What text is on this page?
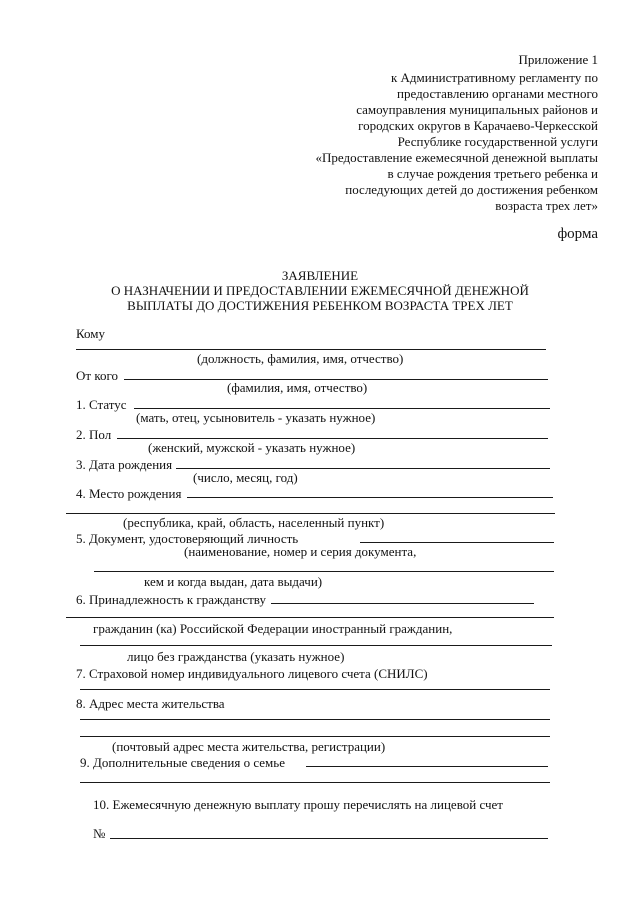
Приложение 1
к Административному регламенту по
предоставлению органами местного
самоуправления муниципальных районов и
городских округов в Карачаево-Черкесской
Республике государственной услуги
«Предоставление ежемесячной денежной выплаты
в случае рождения третьего ребенка и
последующих детей до достижения ребенком
возраста трех лет»
форма
ЗАЯВЛЕНИЕ
О НАЗНАЧЕНИИ И ПРЕДОСТАВЛЕНИИ ЕЖЕМЕСЯЧНОЙ ДЕНЕЖНОЙ
ВЫПЛАТЫ ДО ДОСТИЖЕНИЯ РЕБЕНКОМ ВОЗРАСТА ТРЕХ ЛЕТ
Кому
(должность, фамилия, имя, отчество)
От кого
(фамилия, имя, отчество)
1. Статус
(мать, отец, усыновитель - указать нужное)
2. Пол
(женский, мужской - указать нужное)
3. Дата рождения
(число, месяц, год)
4. Место рождения
(республика, край, область, населенный пункт)
5. Документ, удостоверяющий личность
(наименование, номер и серия документа,
кем и когда выдан, дата выдачи)
6. Принадлежность к гражданству
гражданин (ка) Российской Федерации иностранный гражданин,
лицо без гражданства (указать нужное)
7. Страховой номер индивидуального лицевого счета (СНИЛС)
8. Адрес места жительства
(почтовый адрес места жительства, регистрации)
9. Дополнительные сведения о семье
10. Ежемесячную денежную выплату прошу перечислять на лицевой счет
№
